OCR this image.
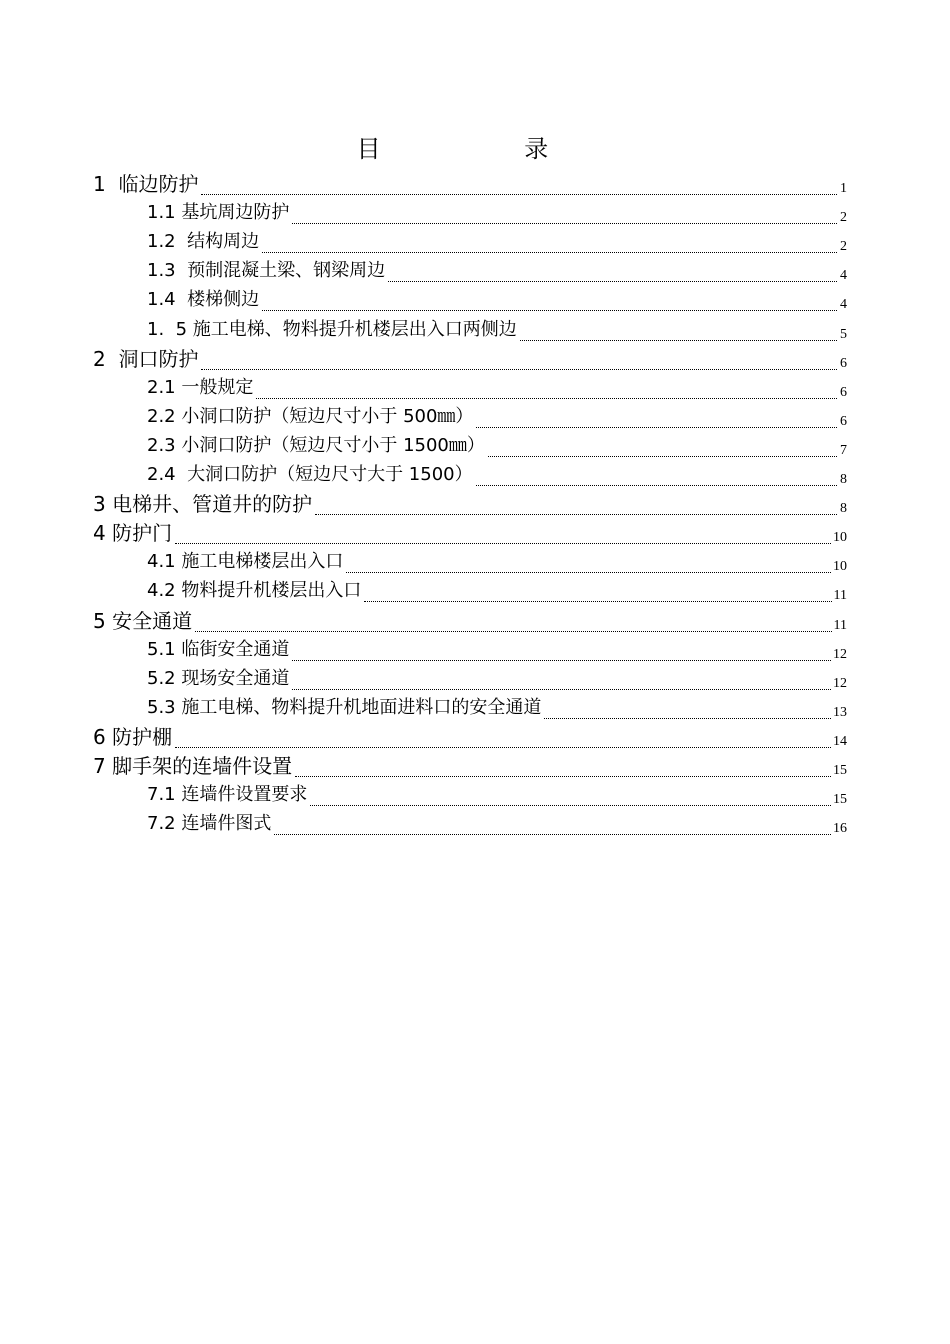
目 录
1  临边防护	1
1.1 基坑周边防护	2
1.2  结构周边	2
1.3  预制混凝土梁、钢梁周边	4
1.4  楼梯侧边	4
1.  5 施工电梯、物料提升机楼层出入口两侧边	5
2  洞口防护	6
2.1 一般规定	6
2.2 小洞口防护（短边尺寸小于 500㎜）	6
2.3 小洞口防护（短边尺寸小于 1500㎜）	7
2.4  大洞口防护（短边尺寸大于 1500）	8
3 电梯井、管道井的防护	8
4 防护门	10
4.1 施工电梯楼层出入口	10
4.2 物料提升机楼层出入口	11
5 安全通道	11
5.1 临街安全通道	12
5.2 现场安全通道	12
5.3 施工电梯、物料提升机地面进料口的安全通道	13
6 防护棚	14
7 脚手架的连墙件设置	15
7.1 连墙件设置要求	15
7.2 连墙件图式	16
